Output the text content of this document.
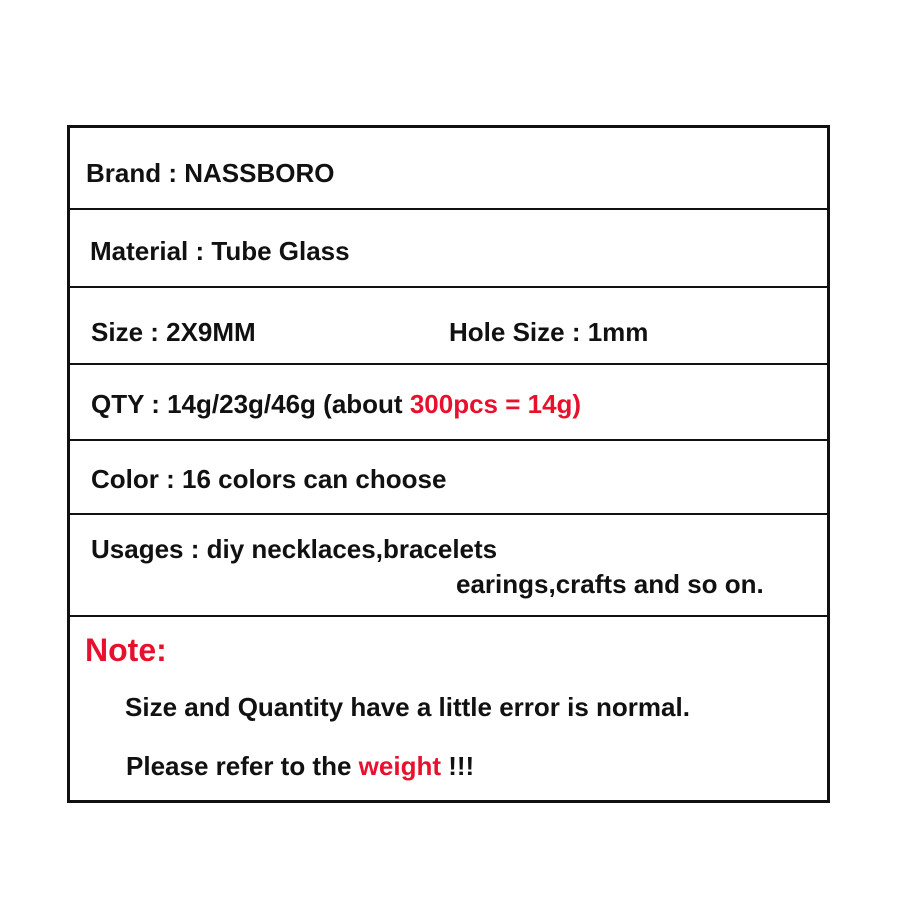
Brand : NASSBORO
Material : Tube Glass
Size : 2X9MM	Hole Size : 1mm
QTY : 14g/23g/46g (about 300pcs = 14g)
Color : 16 colors can choose
Usages : diy necklaces,bracelets
earings,crafts and so on.
Note:
Size and Quantity have a little error is normal.
Please refer to the weight !!!
